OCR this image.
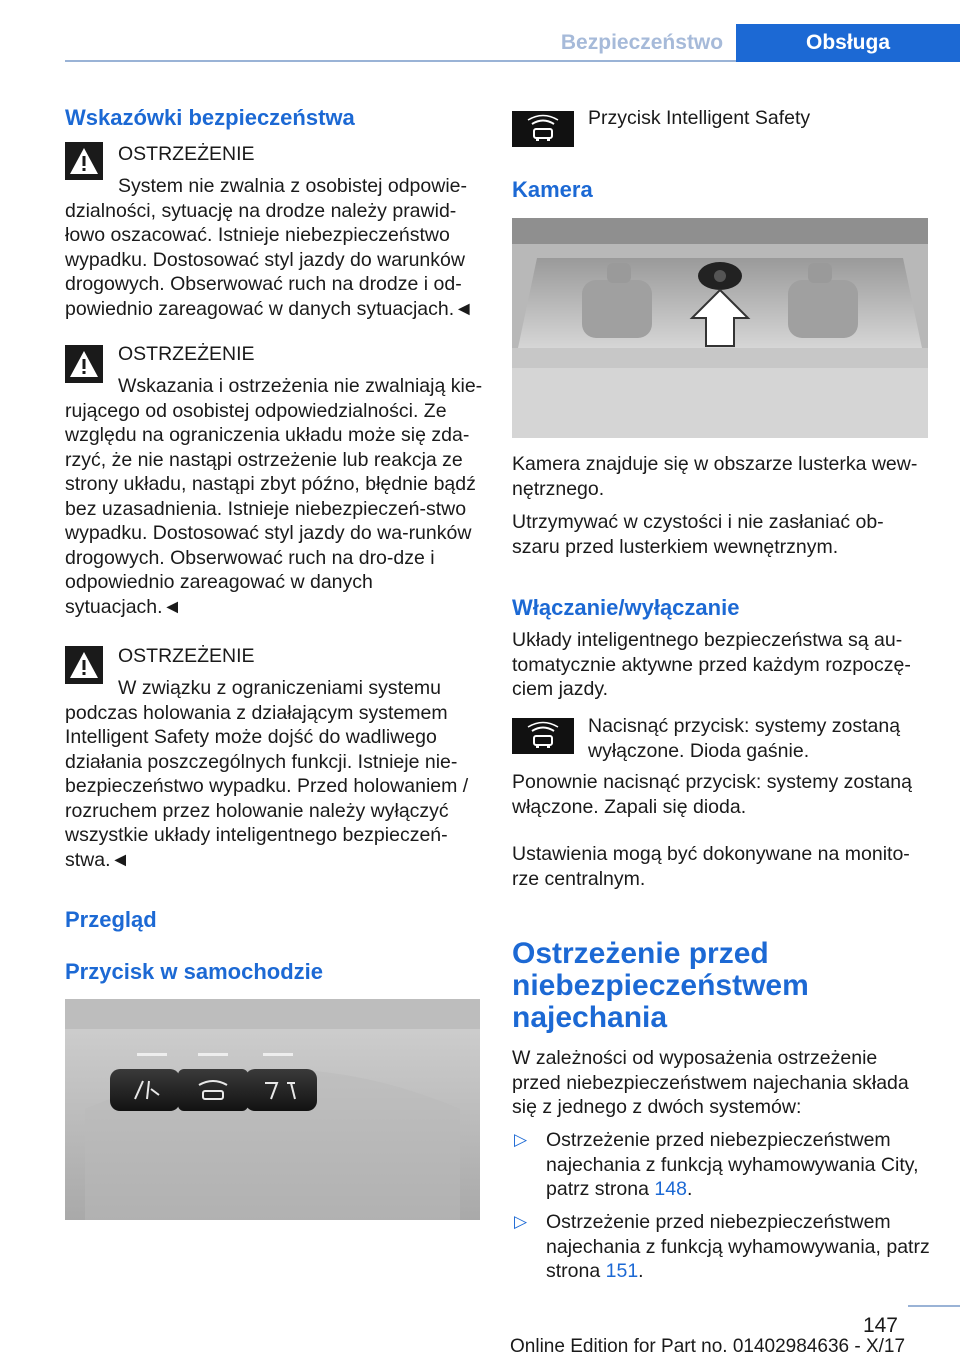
Bezpieczeństwo	Obsługa
Wskazówki bezpieczeństwa
OSTRZEŻENIE

System nie zwalnia z osobistej odpowie-dzialności, sytuację na drodze należy prawid-łowo oszacować. Istnieje niebezpieczeństwo wypadku. Dostosować styl jazdy do warunków drogowych. Obserwować ruch na drodze i od-powiednio zareagować w danych sytuacjach.◄

OSTRZEŻENIE

Wskazania i ostrzeżenia nie zwalniają kie-rującego od osobistej odpowiedzialności. Ze względu na ograniczenia układu może się zda-rzyć, że nie nastąpi ostrzeżenie lub reakcja ze strony układu, nastąpi zbyt późno, błędnie bądź bez uzasadnienia. Istnieje niebezpieczeń-stwo wypadku. Dostosować styl jazdy do wa-runków drogowych. Obserwować ruch na dro-dze i odpowiednio zareagować w danych sytuacjach.◄

OSTRZEŻENIE

W związku z ograniczeniami systemu podczas holowania z działającym systemem Intelligent Safety może dojść do wadliwego działania poszczególnych funkcji. Istnieje nie-bezpieczeństwo wypadku. Przed holowaniem / rozruchem przez holowanie należy wyłączyć wszystkie układy inteligentnego bezpieczeń-stwa.◄

Przegląd
Przycisk w samochodzie
Przycisk Intelligent Safety
Kamera

Kamera znajduje się w obszarze lusterka wew-nętrznego.

Utrzymywać w czystości i nie zasłaniać ob-szaru przed lusterkiem wewnętrznym.

Włączanie/wyłączanie

Układy inteligentnego bezpieczeństwa są au-tomatycznie aktywne przed każdym rozpoczę-ciem jazdy.

Nacisnąć przycisk: systemy zostaną wyłączone. Dioda gaśnie.

Ponownie nacisnąć przycisk: systemy zostaną włączone. Zapali się dioda.

Ustawienia mogą być dokonywane na monito-rze centralnym.

Ostrzeżenie przed niebezpieczeństwem najechania

W zależności od wyposażenia ostrzeżenie przed niebezpieczeństwem najechania składa się z jednego z dwóch systemów:

▷ Ostrzeżenie przed niebezpieczeństwem najechania z funkcją wyhamowywania City, patrz strona 148.

▷ Ostrzeżenie przed niebezpieczeństwem najechania z funkcją wyhamowywania, patrz strona 151.

147
Online Edition for Part no. 01402984636 - X/17
